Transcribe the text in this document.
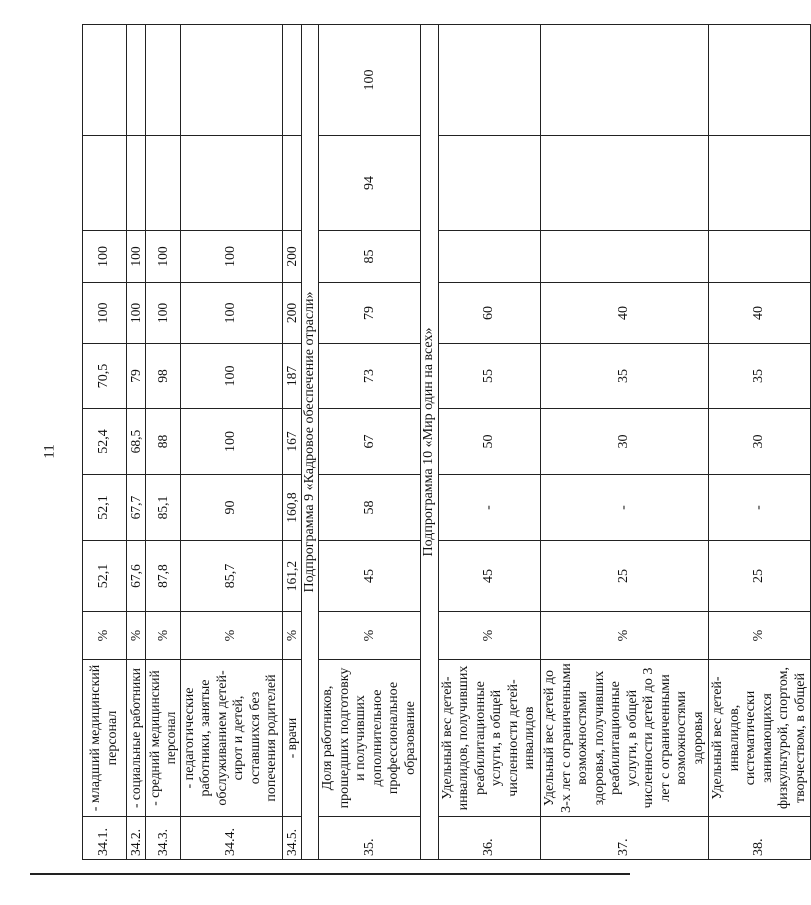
11
34.1.	- младший медицинский персонал	%	52,1	52,1	52,4	70,5	100	100		
34.2.	- социальные работники	%	67,6	67,7	68,5	79	100	100		
34.3.	- средний медицинский персонал	%	87,8	85,1	88	98	100	100		
34.4.	- педагогические работники, занятые обслуживанием детей-сирот и детей, оставшихся без попечения родителей	%	85,7	90	100	100	100	100		
34.5.	- врачи	%	161,2	160,8	167	187	200	200		
Подпрограмма 9 «Кадровое обеспечение отрасли»										
35.	Доля работников, прошедших подготовку и получивших дополнительное профессиональное образование	%	45	58	67	73	79	85	94	100
Подпрограмма 10 «Мир один на всех»										
36.	Удельный вес детей-инвалидов, получивших реабилитационные услуги, в общей численности детей-инвалидов	%	45	-	50	55	60			
37.	Удельный вес детей до 3-х лет с ограниченными возможностями здоровья, получивших реабилитационные услуги, в общей численности детей до 3 лет с ограниченными возможностями здоровья	%	25	-	30	35	40			
38.	Удельный вес детей-инвалидов, систематически занимающихся физкультурой, спортом, творчеством, в общей	%	25	-	30	35	40			
